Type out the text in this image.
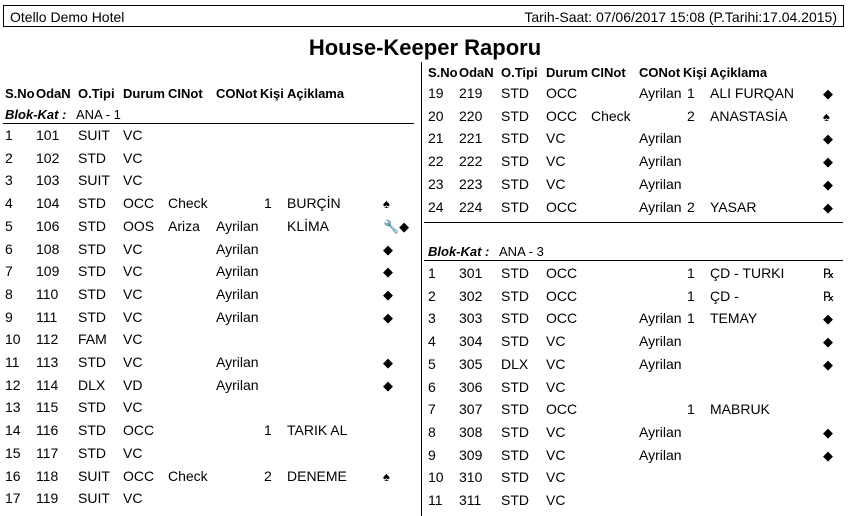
Otello Demo Hotel	Tarih-Saat: 07/06/2017 15:08 (P.Tarihi:17.04.2015)
House-Keeper Raporu
S.No OdaN O.Tipi Durum CINot CONot Kişi Açiklama
Blok-Kat : ANA - 1
1 101 SUIT VC
2 102 STD VC
3 103 SUIT VC
4 104 STD OCC Check	1 BURÇİN	♠
5 106 STD OOS Ariza Ayrilan KLİMA	🔧◆
6 108 STD VC	Ayrilan	◆
7 109 STD VC	Ayrilan	◆
8 110 STD VC	Ayrilan	◆
9 111 STD VC	Ayrilan	◆
10 112 FAM VC
11 113 STD VC	Ayrilan	◆
12 114 DLX VD	Ayrilan	◆
13 115 STD VC
14 116 STD OCC	1 TARIK AL
15 117 STD VC
16 118 SUIT OCC Check	2 DENEME	♠
17 119 SUIT VC
S.No OdaN O.Tipi Durum CINot CONot Kişi Açiklama
19 219 STD OCC	Ayrilan 1 ALI FURQAN ◆
20 220 STD OCC Check	2 ANASTASİA	♠
21 221 STD VC	Ayrilan	◆
22 222 STD VC	Ayrilan	◆
23 223 STD VC	Ayrilan	◆
24 224 STD OCC	Ayrilan 2 YASAR	◆
Blok-Kat : ANA - 3
1 301 STD OCC	1 ÇD - TURKI	℞
2 302 STD OCC	1 ÇD -	℞
3 303 STD OCC	Ayrilan 1 TEMAY	◆
4 304 STD VC	Ayrilan	◆
5 305 DLX VC	Ayrilan	◆
6 306 STD VC
7 307 STD OCC	1 MABRUK
8 308 STD VC	Ayrilan	◆
9 309 STD VC	Ayrilan	◆
10 310 STD VC
11 311 STD VC
